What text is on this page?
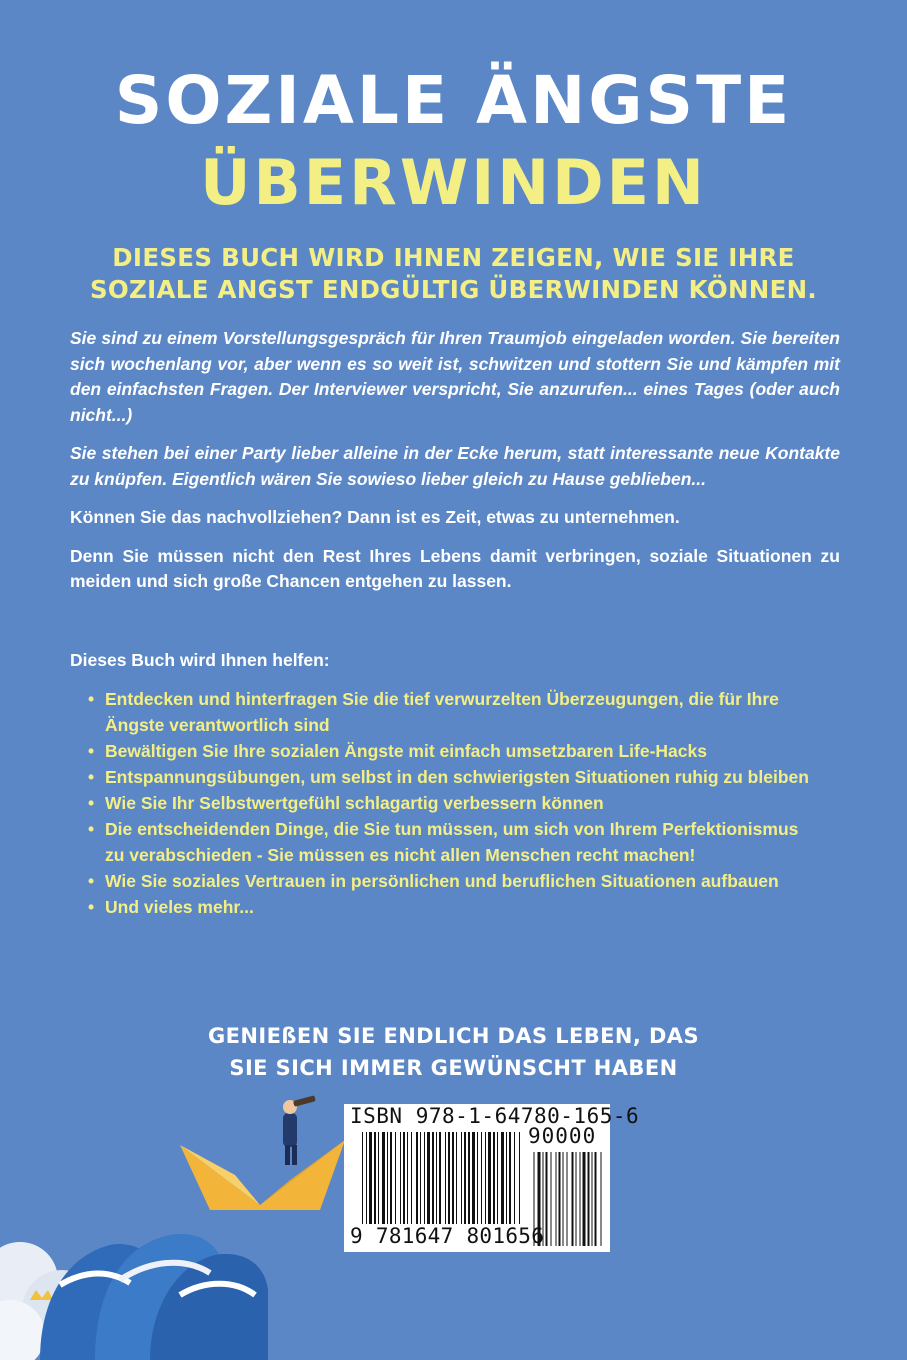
SOZIALE ÄNGSTE
ÜBERWINDEN
DIESES BUCH WIRD IHNEN ZEIGEN, WIE SIE IHRE
SOZIALE ANGST ENDGÜLTIG ÜBERWINDEN KÖNNEN.

Sie sind zu einem Vorstellungsgespräch für Ihren Traumjob eingeladen worden. Sie bereiten sich wochenlang vor, aber wenn es so weit ist, schwitzen und stottern Sie und kämpfen mit den einfachsten Fragen. Der Interviewer verspricht, Sie anzurufen... eines Tages (oder auch nicht...)

Sie stehen bei einer Party lieber alleine in der Ecke herum, statt interessante neue Kontakte zu knüpfen. Eigentlich wären Sie sowieso lieber gleich zu Hause geblieben...

Können Sie das nachvollziehen? Dann ist es Zeit, etwas zu unternehmen.

Denn Sie müssen nicht den Rest Ihres Lebens damit verbringen, soziale Situationen zu meiden und sich große Chancen entgehen zu lassen.

Dieses Buch wird Ihnen helfen:
• Entdecken und hinterfragen Sie die tief verwurzelten Überzeugungen, die für Ihre Ängste verantwortlich sind
• Bewältigen Sie Ihre sozialen Ängste mit einfach umsetzbaren Life-Hacks
• Entspannungsübungen, um selbst in den schwierigsten Situationen ruhig zu bleiben
• Wie Sie Ihr Selbstwertgefühl schlagartig verbessern können
• Die entscheidenden Dinge, die Sie tun müssen, um sich von Ihrem Perfektionismus zu verabschieden - Sie müssen es nicht allen Menschen recht machen!
• Wie Sie soziales Vertrauen in persönlichen und beruflichen Situationen aufbauen
• Und vieles mehr...
GENIEßEN SIE ENDLICH DAS LEBEN, DAS
SIE SICH IMMER GEWÜNSCHT HABEN
ISBN 978-1-64780-165-6
90000
9 781647 801656
